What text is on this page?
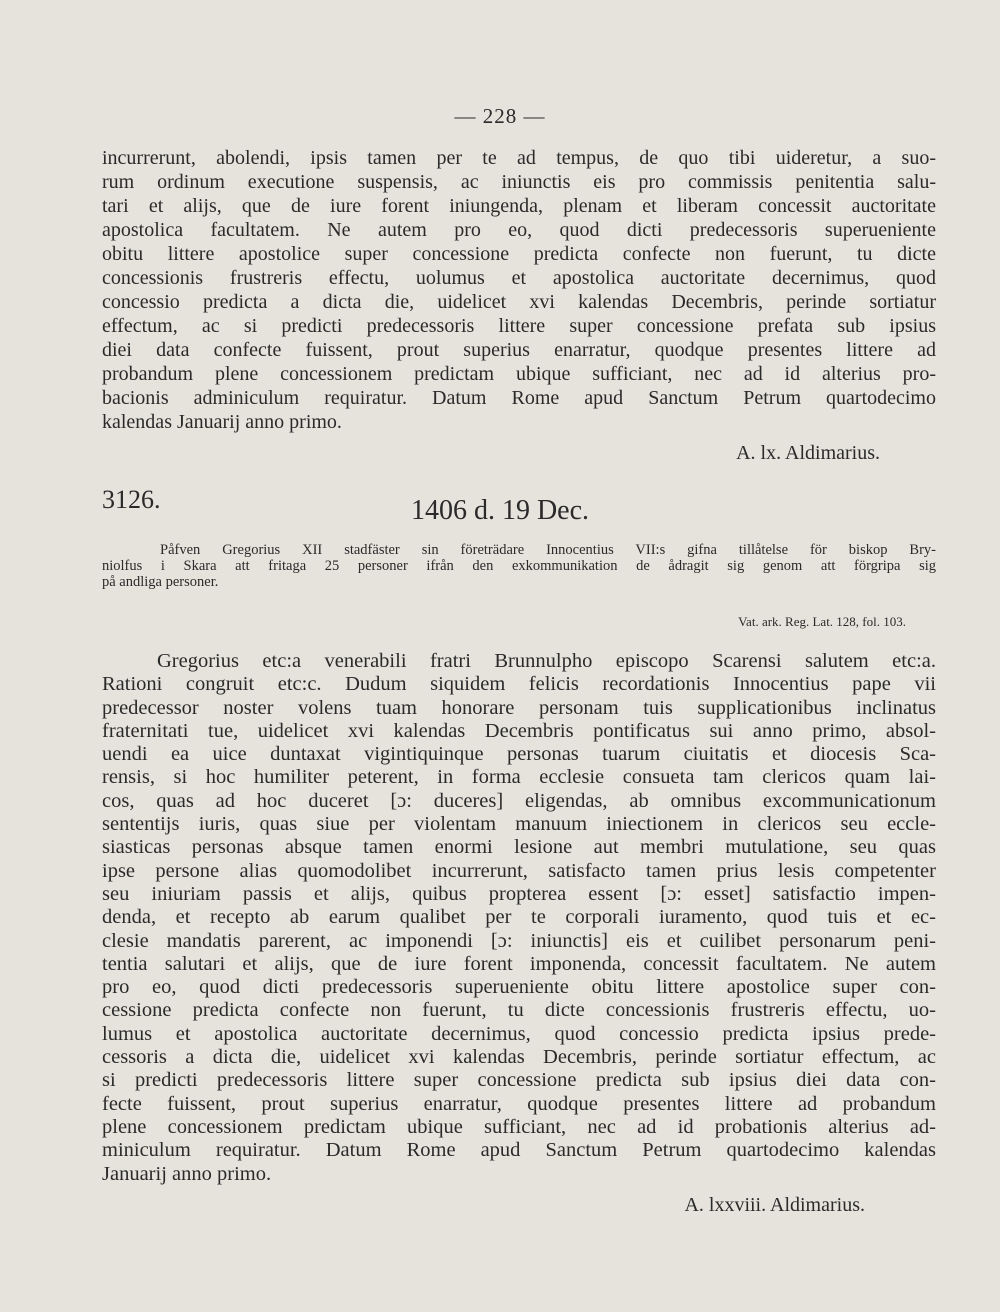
— 228 —
incurrerunt, abolendi, ipsis tamen per te ad tempus, de quo tibi uideretur, a suo-
rum ordinum executione suspensis, ac iniunctis eis pro commissis penitentia salu-
tari et alijs, que de iure forent iniungenda, plenam et liberam concessit auctoritate
apostolica facultatem. Ne autem pro eo, quod dicti predecessoris superueniente
obitu littere apostolice super concessione predicta confecte non fuerunt, tu dicte
concessionis frustreris effectu, uolumus et apostolica auctoritate decernimus, quod
concessio predicta a dicta die, uidelicet xvi kalendas Decembris, perinde sortiatur
effectum, ac si predicti predecessoris littere super concessione prefata sub ipsius
diei data confecte fuissent, prout superius enarratur, quodque presentes littere ad
probandum plene concessionem predictam ubique sufficiant, nec ad id alterius pro-
bacionis adminiculum requiratur. Datum Rome apud Sanctum Petrum quartodecimo
kalendas Januarij anno primo.
A. lx. Aldimarius.
3126.	1406 d. 19 Dec.
Påfven Gregorius XII stadfäster sin företrädare Innocentius VII:s gifna tillåtelse för biskop Bry-
niolfus i Skara att fritaga 25 personer ifrån den exkommunikation de ådragit sig genom att förgripa sig
på andliga personer.
Vat. ark. Reg. Lat. 128, fol. 103.
Gregorius etc:a venerabili fratri Brunnulpho episcopo Scarensi salutem etc:a.
Rationi congruit etc:c. Dudum siquidem felicis recordationis Innocentius pape vii
predecessor noster volens tuam honorare personam tuis supplicationibus inclinatus
fraternitati tue, uidelicet xvi kalendas Decembris pontificatus sui anno primo, absol-
uendi ea uice duntaxat vigintiquinque personas tuarum ciuitatis et diocesis Sca-
rensis, si hoc humiliter peterent, in forma ecclesie consueta tam clericos quam lai-
cos, quas ad hoc duceret [ɔ: duceres] eligendas, ab omnibus excommunicationum
sententijs iuris, quas siue per violentam manuum iniectionem in clericos seu eccle-
siasticas personas absque tamen enormi lesione aut membri mutulatione, seu quas
ipse persone alias quomodolibet incurrerunt, satisfacto tamen prius lesis competenter
seu iniuriam passis et alijs, quibus propterea essent [ɔ: esset] satisfactio impen-
denda, et recepto ab earum qualibet per te corporali iuramento, quod tuis et ec-
clesie mandatis parerent, ac imponendi [ɔ: iniunctis] eis et cuilibet personarum peni-
tentia salutari et alijs, que de iure forent imponenda, concessit facultatem. Ne autem
pro eo, quod dicti predecessoris superueniente obitu littere apostolice super con-
cessione predicta confecte non fuerunt, tu dicte concessionis frustreris effectu, uo-
lumus et apostolica auctoritate decernimus, quod concessio predicta ipsius prede-
cessoris a dicta die, uidelicet xvi kalendas Decembris, perinde sortiatur effectum, ac
si predicti predecessoris littere super concessione predicta sub ipsius diei data con-
fecte fuissent, prout superius enarratur, quodque presentes littere ad probandum
plene concessionem predictam ubique sufficiant, nec ad id probationis alterius ad-
miniculum requiratur. Datum Rome apud Sanctum Petrum quartodecimo kalendas
Januarij anno primo.
A. lxxviii. Aldimarius.
